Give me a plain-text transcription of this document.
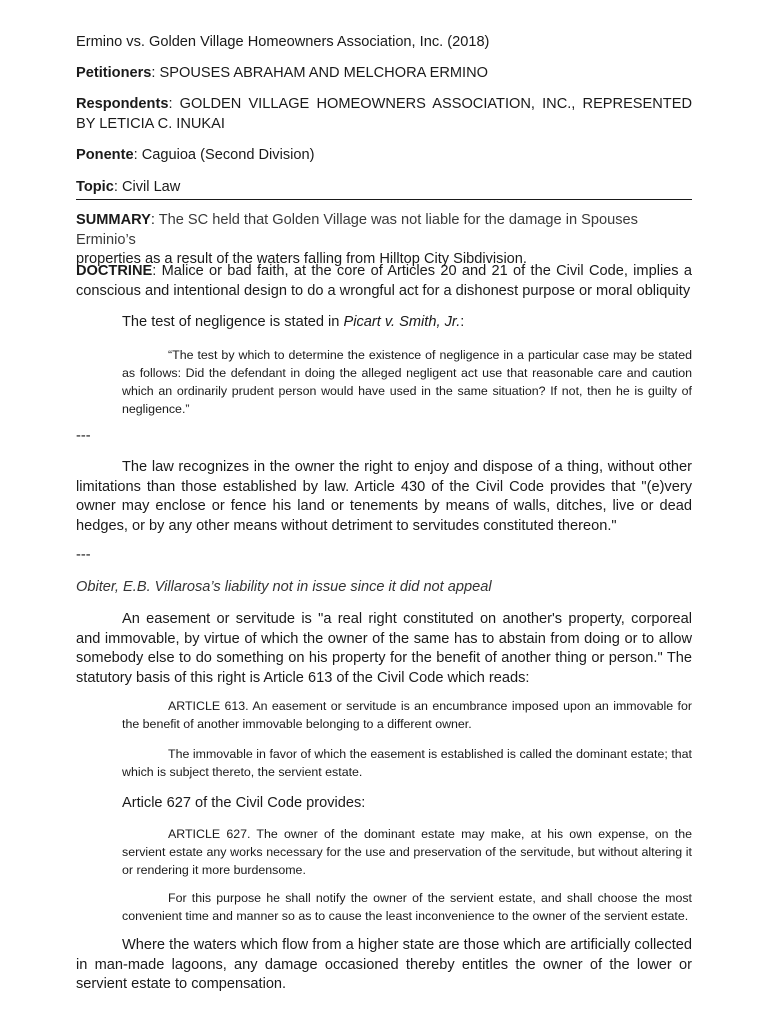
Ermino vs. Golden Village Homeowners Association, Inc. (2018)

Petitioners: SPOUSES ABRAHAM AND MELCHORA ERMINO

Respondents: GOLDEN VILLAGE HOMEOWNERS ASSOCIATION, INC., REPRESENTED BY LETICIA C. INUKAI

Ponente: Caguioa (Second Division)

Topic: Civil Law

SUMMARY: The SC held that Golden Village was not liable for the damage in Spouses Erminio’s
properties as a result of the waters falling from Hilltop City Sibdivision.

DOCTRINE: Malice or bad faith, at the core of Articles 20 and 21 of the Civil Code, implies a conscious and intentional design to do a wrongful act for a dishonest purpose or moral obliquity

The test of negligence is stated in Picart v. Smith, Jr.:

“The test by which to determine the existence of negligence in a particular case may be stated as follows: Did the defendant in doing the alleged negligent act use that reasonable care and caution which an ordinarily prudent person would have used in the same situation? If not, then he is guilty of negligence.”

---

The law recognizes in the owner the right to enjoy and dispose of a thing, without other limitations than those established by law. Article 430 of the Civil Code provides that "(e)very owner may enclose or fence his land or tenements by means of walls, ditches, live or dead hedges, or by any other means without detriment to servitudes constituted thereon."

---

Obiter, E.B. Villarosa’s liability not in issue since it did not appeal

An easement or servitude is "a real right constituted on another's property, corporeal and immovable, by virtue of which the owner of the same has to abstain from doing or to allow somebody else to do something on his property for the benefit of another thing or person." The statutory basis of this right is Article 613 of the Civil Code which reads:

ARTICLE 613. An easement or servitude is an encumbrance imposed upon an immovable for the benefit of another immovable belonging to a different owner.

The immovable in favor of which the easement is established is called the dominant estate; that which is subject thereto, the servient estate.

Article 627 of the Civil Code provides:

ARTICLE 627. The owner of the dominant estate may make, at his own expense, on the servient estate any works necessary for the use and preservation of the servitude, but without altering it or rendering it more burdensome.

For this purpose he shall notify the owner of the servient estate, and shall choose the most convenient time and manner so as to cause the least inconvenience to the owner of the servient estate.

Where the waters which flow from a higher state are those which are artificially collected in man-made lagoons, any damage occasioned thereby entitles the owner of the lower or servient estate to compensation.
